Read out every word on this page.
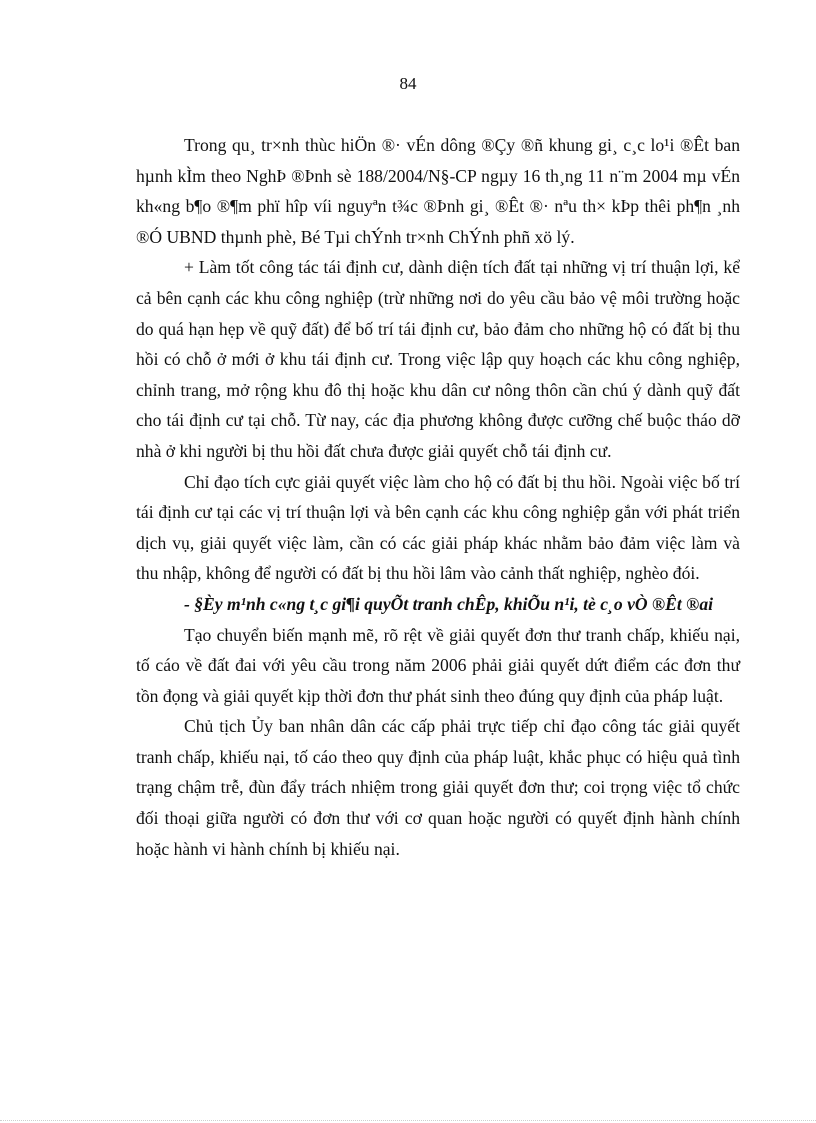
84

Trong qu¸ tr×nh thùc hiÖn ®· vÉn dông ®Çy ®ñ khung gi¸ c¸c lo¹i ®Êt ban hµnh kÌm theo NghÞ ®Þnh sè 188/2004/N§-CP ngµy 16 th¸ng 11 n¨m 2004 mµ vÉn kh«ng b¶o ®¶m phï hîp víi nguyªn t¾c ®Þnh gi¸ ®Êt ®· nªu th× kÞp thêi ph¶n ¸nh ®Ó UBND thµnh phè, Bé Tµi chÝnh tr×nh ChÝnh phñ xö lý.

+ Làm tốt công tác tái định cư, dành diện tích đất tại những vị trí thuận lợi, kể cả bên cạnh các khu công nghiệp (trừ những nơi do yêu cầu bảo vệ môi trường hoặc do quá hạn hẹp về quỹ đất) để bố trí tái định cư, bảo đảm cho những hộ có đất bị thu hồi có chỗ ở mới ở khu tái định cư. Trong việc lập quy hoạch các khu công nghiệp, chỉnh trang, mở rộng khu đô thị hoặc khu dân cư nông thôn cần chú ý dành quỹ đất cho tái định cư tại chỗ. Từ nay, các địa phương không được cưỡng chế buộc tháo dỡ nhà ở khi người bị thu hồi đất chưa được giải quyết chỗ tái định cư.

Chỉ đạo tích cực giải quyết việc làm cho hộ có đất bị thu hồi. Ngoài việc bố trí tái định cư tại các vị trí thuận lợi và bên cạnh các khu công nghiệp gắn với phát triển dịch vụ, giải quyết việc làm, cần có các giải pháp khác nhằm bảo đảm việc làm và thu nhập, không để người có đất bị thu hồi lâm vào cảnh thất nghiệp, nghèo đói.

- §Èy m¹nh c«ng t¸c gi¶i quyÕt tranh chÊp, khiÕu n¹i, tè c¸o vÒ ®Êt ®ai

Tạo chuyển biến mạnh mẽ, rõ rệt về giải quyết đơn thư tranh chấp, khiếu nại, tố cáo về đất đai với yêu cầu trong năm 2006 phải giải quyết dứt điểm các đơn thư tồn đọng và giải quyết kịp thời đơn thư phát sinh theo đúng quy định của pháp luật.

Chủ tịch Ủy ban nhân dân các cấp phải trực tiếp chỉ đạo công tác giải quyết tranh chấp, khiếu nại, tố cáo theo quy định của pháp luật, khắc phục có hiệu quả tình trạng chậm trễ, đùn đẩy trách nhiệm trong giải quyết đơn thư; coi trọng việc tổ chức đối thoại giữa người có đơn thư với cơ quan hoặc người có quyết định hành chính hoặc hành vi hành chính bị khiếu nại.
